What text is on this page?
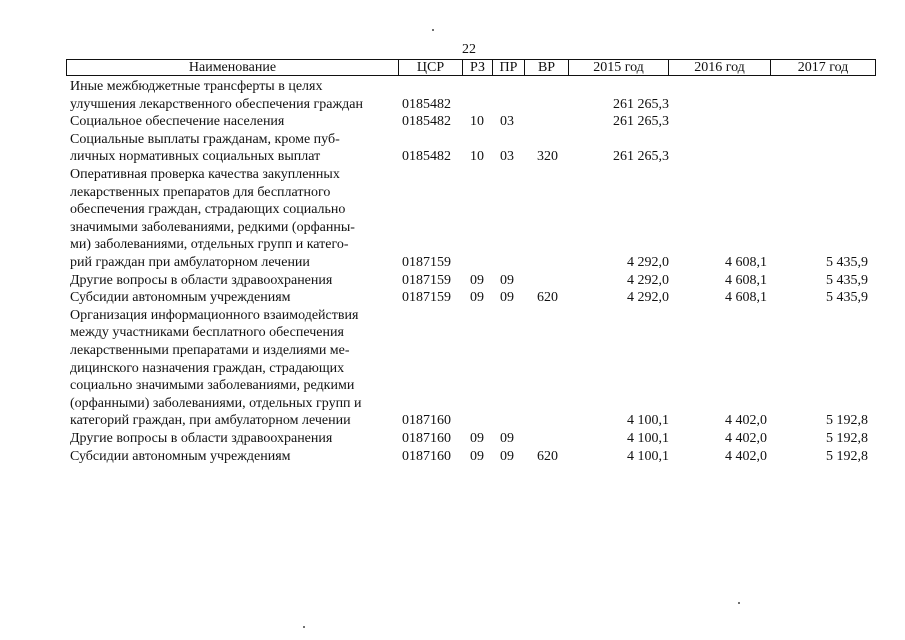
22
Наименование	ЦСР	РЗ	ПР	ВР	2015 год	2016 год	2017 год
Иные межбюджетные трансферты в целях
улучшения лекарственного обеспечения граждан	0185482	261 265,3
Социальное обеспечение населения	0185482 10 03	261 265,3
Социальные выплаты гражданам, кроме пуб-
личных нормативных социальных выплат	0185482 10 03 320	261 265,3
Оперативная проверка качества закупленных
лекарственных препаратов для бесплатного
обеспечения граждан, страдающих социально
значимыми заболеваниями, редкими (орфанны-
ми) заболеваниями, отдельных групп и катего-
рий граждан при амбулаторном лечении	0187159	4 292,0	4 608,1	5 435,9
Другие вопросы в области здравоохранения	0187159 09 09	4 292,0	4 608,1	5 435,9
Субсидии автономным учреждениям	0187159 09 09 620	4 292,0	4 608,1	5 435,9
Организация информационного взаимодействия
между участниками бесплатного обеспечения
лекарственными препаратами и изделиями ме-
дицинского назначения граждан, страдающих
социально значимыми заболеваниями, редкими
(орфанными) заболеваниями, отдельных групп и
категорий граждан, при амбулаторном лечении	0187160	4 100,1	4 402,0	5 192,8
Другие вопросы в области здравоохранения	0187160 09 09	4 100,1	4 402,0	5 192,8
Субсидии автономным учреждениям	0187160 09 09 620	4 100,1	4 402,0	5 192,8
